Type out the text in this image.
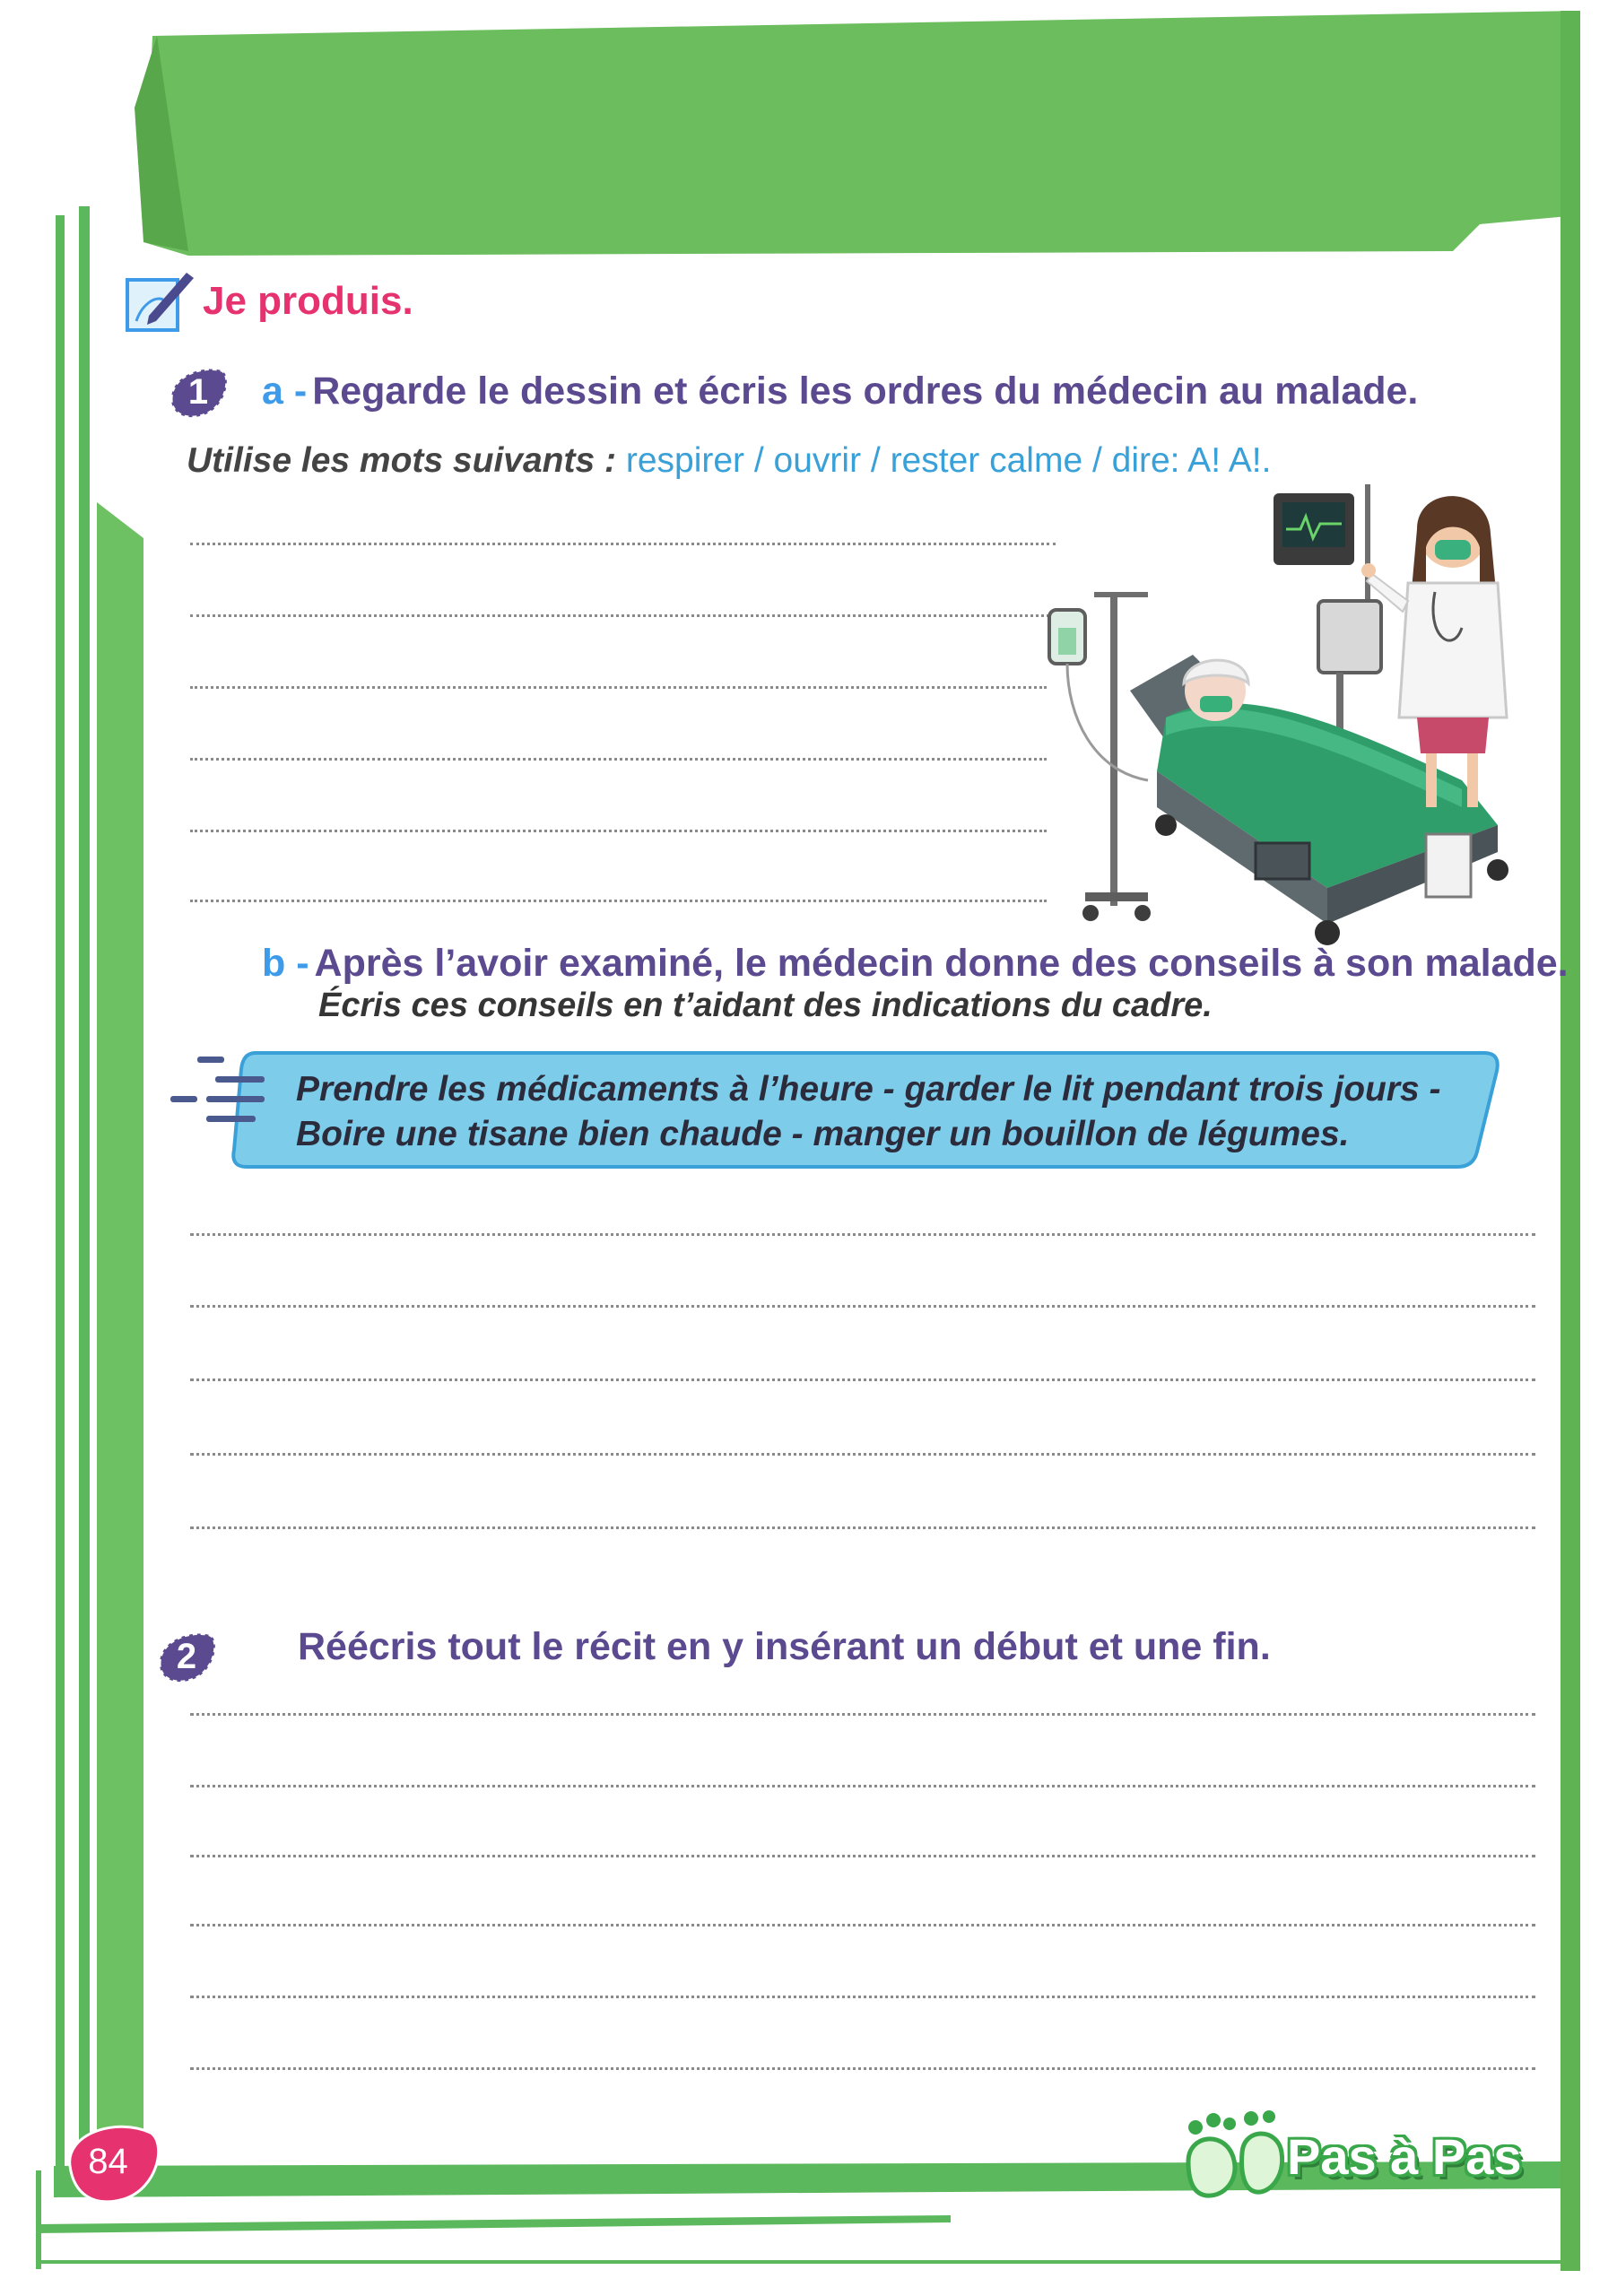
Je produis.
1	a - Regarde le dessin et écris les ordres du médecin au malade.
Utilise les mots suivants : respirer / ouvrir / rester calme / dire: A! A!.
b - Après l’avoir examiné, le médecin donne des conseils à son malade.
Écris ces conseils en t’aidant des indications du cadre.
Prendre les médicaments à l’heure - garder le lit pendant trois jours -
Boire une tisane bien chaude - manger un bouillon de légumes.
2	Réécris tout le récit en y insérant un début et une fin.
84	Pas à Pas
